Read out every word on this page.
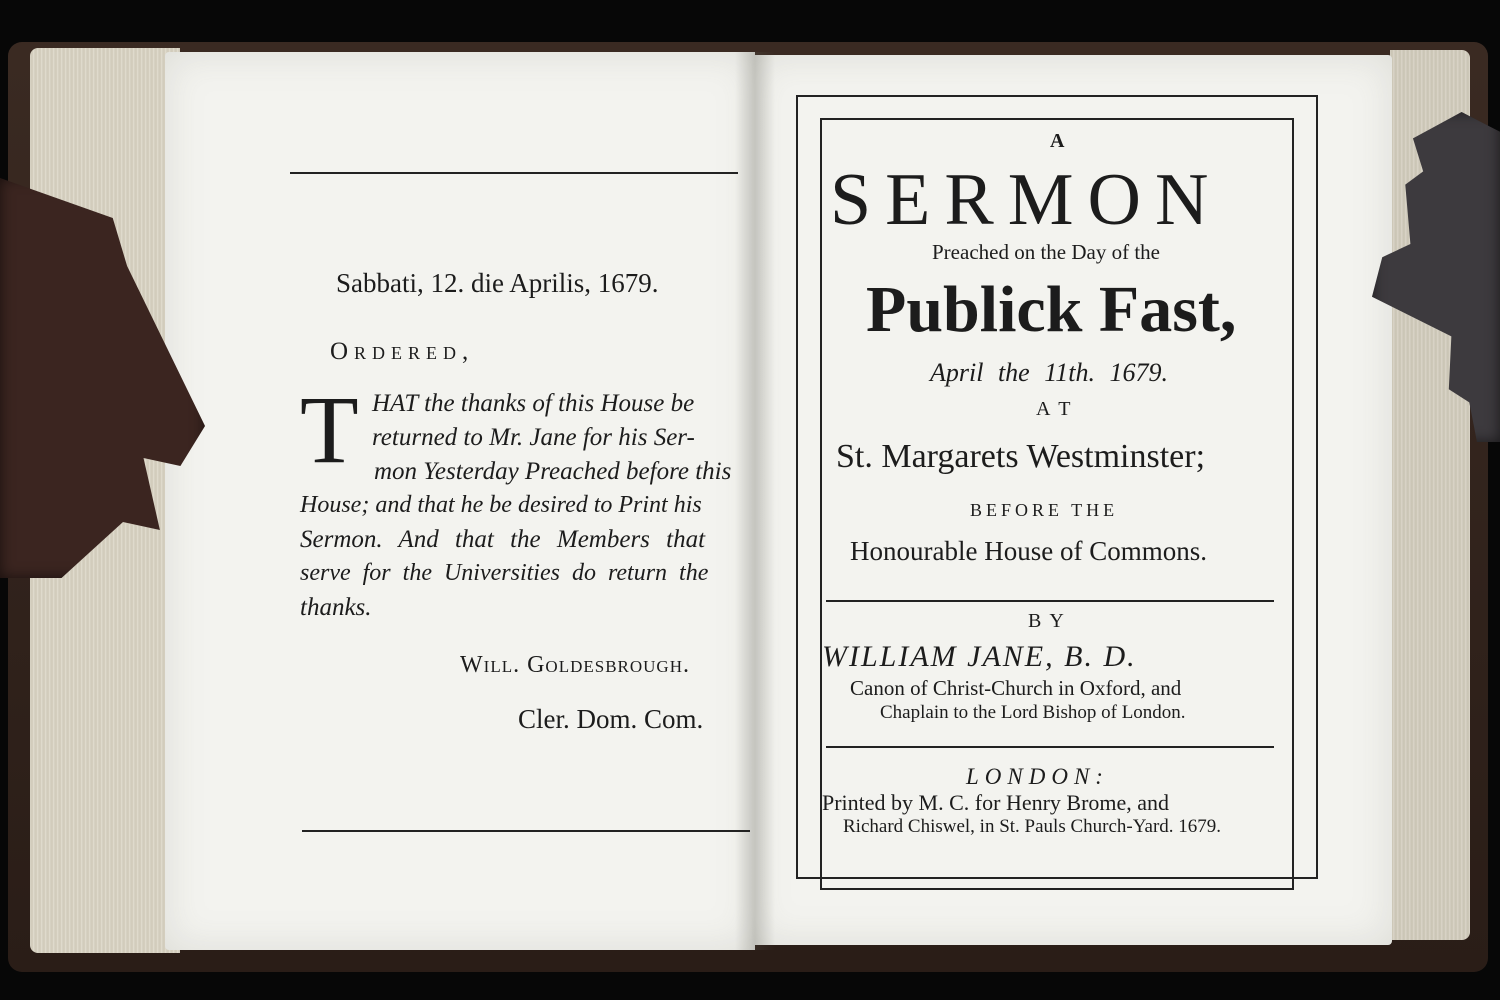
Sabbati, 12. die Aprilis, 1679.
Ordered,
T HAT the thanks of this House be
returned to Mr. Jane for his Ser-
mon Yesterday Preached before this
House; and that he be desired to Print his
Sermon. And that the Members that
serve for the Universities do return the
thanks.
Will. Goldesbrough.
Cler. Dom. Com.
A
SERMON
Preached on the Day of the
Publick Fast,
April the 11th. 1679.
AT
St. Margarets Westminster;
BEFORE THE
Honourable House of Commons.
BY
WILLIAM JANE, B. D.
Canon of Christ-Church in Oxford, and
Chaplain to the Lord Bishop of London.
LONDON:
Printed by M. C. for Henry Brome, and
Richard Chiswel, in St. Pauls Church-Yard. 1679.
